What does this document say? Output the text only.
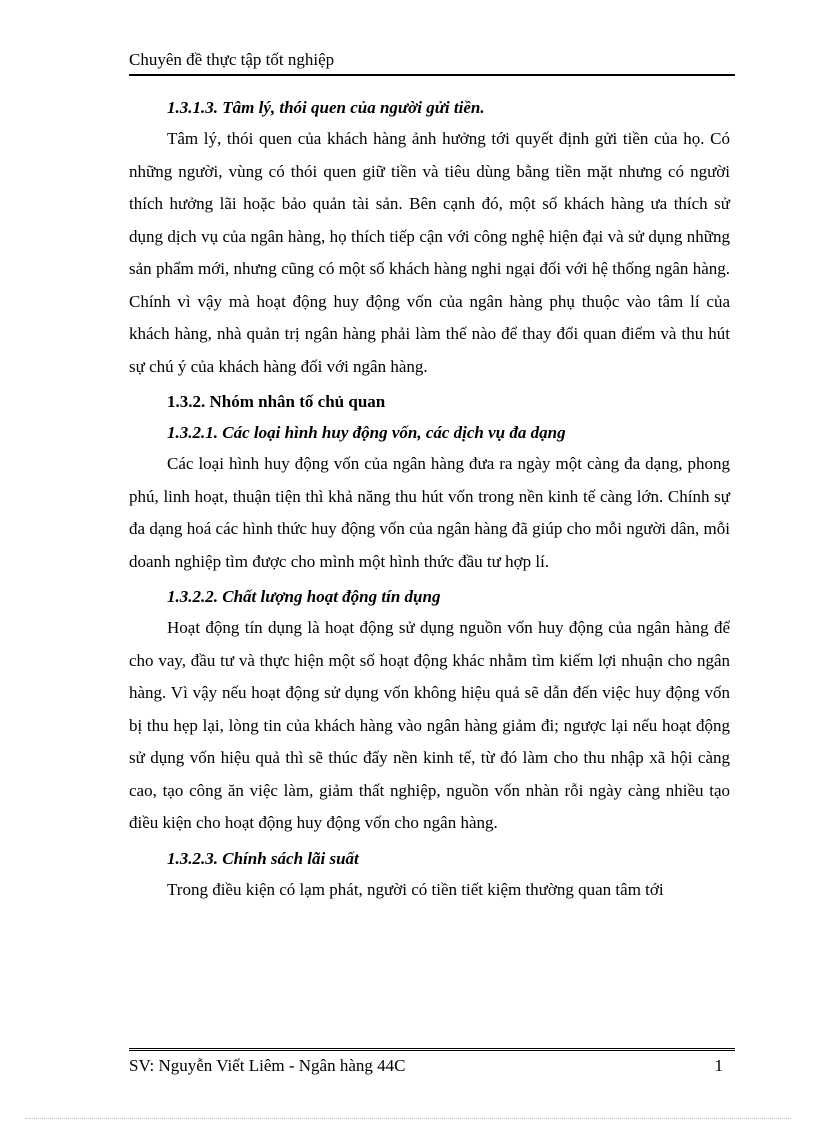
Chuyên đề thực tập tốt nghiệp
1.3.1.3. Tâm lý, thói quen của người gửi tiền.

Tâm lý, thói quen của khách hàng ảnh hưởng tới quyết định gửi tiền của họ. Có những người, vùng có thói quen giữ tiền và tiêu dùng bằng tiền mặt nhưng có người thích hưởng lãi hoặc bảo quản tài sản. Bên cạnh đó, một số khách hàng ưa thích sử dụng dịch vụ của ngân hàng, họ thích tiếp cận với công nghệ hiện đại và sử dụng những sản phẩm mới, nhưng cũng có một số khách hàng nghi ngại đối với hệ thống ngân hàng. Chính vì vậy mà hoạt động huy động vốn của ngân hàng phụ thuộc vào tâm lí của khách hàng, nhà quản trị ngân hàng phải làm thế nào để thay đổi quan điểm và thu hút sự chú ý của khách hàng đối với ngân hàng.

1.3.2. Nhóm nhân tố chủ quan
1.3.2.1. Các loại hình huy động vốn, các dịch vụ đa dạng

Các loại hình huy động vốn của ngân hàng đưa ra ngày một càng đa dạng, phong phú, linh hoạt, thuận tiện thì khả năng thu hút vốn trong nền kinh tế càng lớn. Chính sự đa dạng hoá các hình thức huy động vốn của ngân hàng đã giúp cho mỗi người dân, mỗi doanh nghiệp tìm được cho mình một hình thức đầu tư hợp lí.

1.3.2.2. Chất lượng hoạt động tín dụng

Hoạt động tín dụng là hoạt động sử dụng nguồn vốn huy động của ngân hàng để cho vay, đầu tư và thực hiện một số hoạt động khác nhằm tìm kiếm lợi nhuận cho ngân hàng. Vì vậy nếu hoạt động sử dụng vốn không hiệu quả sẽ dẫn đến việc huy động vốn bị thu hẹp lại, lòng tin của khách hàng vào ngân hàng giảm đi; ngược lại nếu hoạt động sử dụng vốn hiệu quả thì sẽ thúc đẩy nền kinh tế, từ đó làm cho thu nhập xã hội càng cao, tạo công ăn việc làm, giảm thất nghiệp, nguồn vốn nhàn rỗi ngày càng nhiều tạo điều kiện cho hoạt động huy động vốn cho ngân hàng.

1.3.2.3. Chính sách lãi suất

Trong điều kiện có lạm phát, người có tiền tiết kiệm thường quan tâm tới

SV: Nguyễn Viết Liêm - Ngân hàng 44C	1
